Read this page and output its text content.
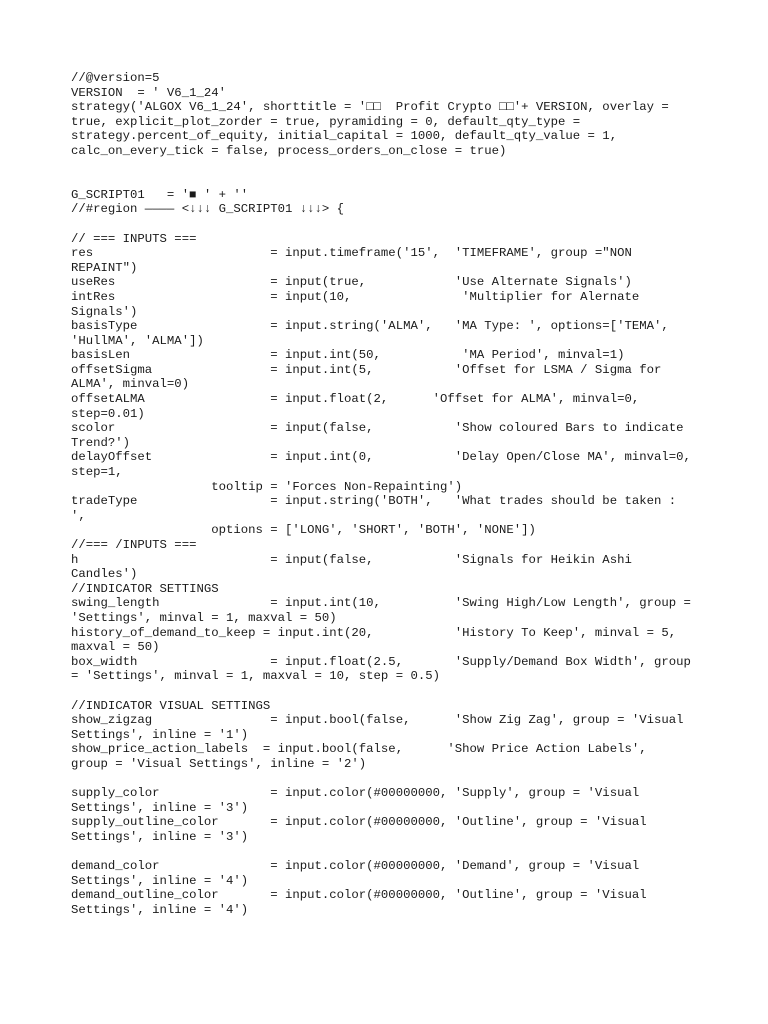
//@version=5
VERSION  = ' V6_1_24'
strategy('ALGOX V6_1_24', shorttitle = '□□  Profit Crypto □□'+ VERSION, overlay =
true, explicit_plot_zorder = true, pyramiding = 0, default_qty_type =
strategy.percent_of_equity, initial_capital = 1000, default_qty_value = 1,
calc_on_every_tick = false, process_orders_on_close = true)
G_SCRIPT01   = '■ ' + ''
//#region ———— <↓↓↓ G_SCRIPT01 ↓↓↓> {
// === INPUTS ===
res                        = input.timeframe('15',  'TIMEFRAME', group ="NON
REPAINT")
useRes                     = input(true,            'Use Alternate Signals')
intRes                     = input(10,               'Multiplier for Alernate
Signals')
basisType                  = input.string('ALMA',   'MA Type: ', options=['TEMA',
'HullMA', 'ALMA'])
basisLen                   = input.int(50,           'MA Period', minval=1)
offsetSigma                = input.int(5,           'Offset for LSMA / Sigma for
ALMA', minval=0)
offsetALMA                 = input.float(2,      'Offset for ALMA', minval=0,
step=0.01)
scolor                     = input(false,           'Show coloured Bars to indicate
Trend?')
delayOffset                = input.int(0,           'Delay Open/Close MA', minval=0,
step=1,
tooltip = 'Forces Non-Repainting')
tradeType                  = input.string('BOTH',   'What trades should be taken :
',
options = ['LONG', 'SHORT', 'BOTH', 'NONE'])
//=== /INPUTS ===
h                          = input(false,           'Signals for Heikin Ashi
Candles')
//INDICATOR SETTINGS
swing_length               = input.int(10,          'Swing High/Low Length', group =
'Settings', minval = 1, maxval = 50)
history_of_demand_to_keep = input.int(20,           'History To Keep', minval = 5,
maxval = 50)
box_width                  = input.float(2.5,       'Supply/Demand Box Width', group
= 'Settings', minval = 1, maxval = 10, step = 0.5)
//INDICATOR VISUAL SETTINGS
show_zigzag                = input.bool(false,      'Show Zig Zag', group = 'Visual
Settings', inline = '1')
show_price_action_labels  = input.bool(false,      'Show Price Action Labels',
group = 'Visual Settings', inline = '2')
supply_color               = input.color(#00000000, 'Supply', group = 'Visual
Settings', inline = '3')
supply_outline_color       = input.color(#00000000, 'Outline', group = 'Visual
Settings', inline = '3')
demand_color               = input.color(#00000000, 'Demand', group = 'Visual
Settings', inline = '4')
demand_outline_color       = input.color(#00000000, 'Outline', group = 'Visual
Settings', inline = '4')
